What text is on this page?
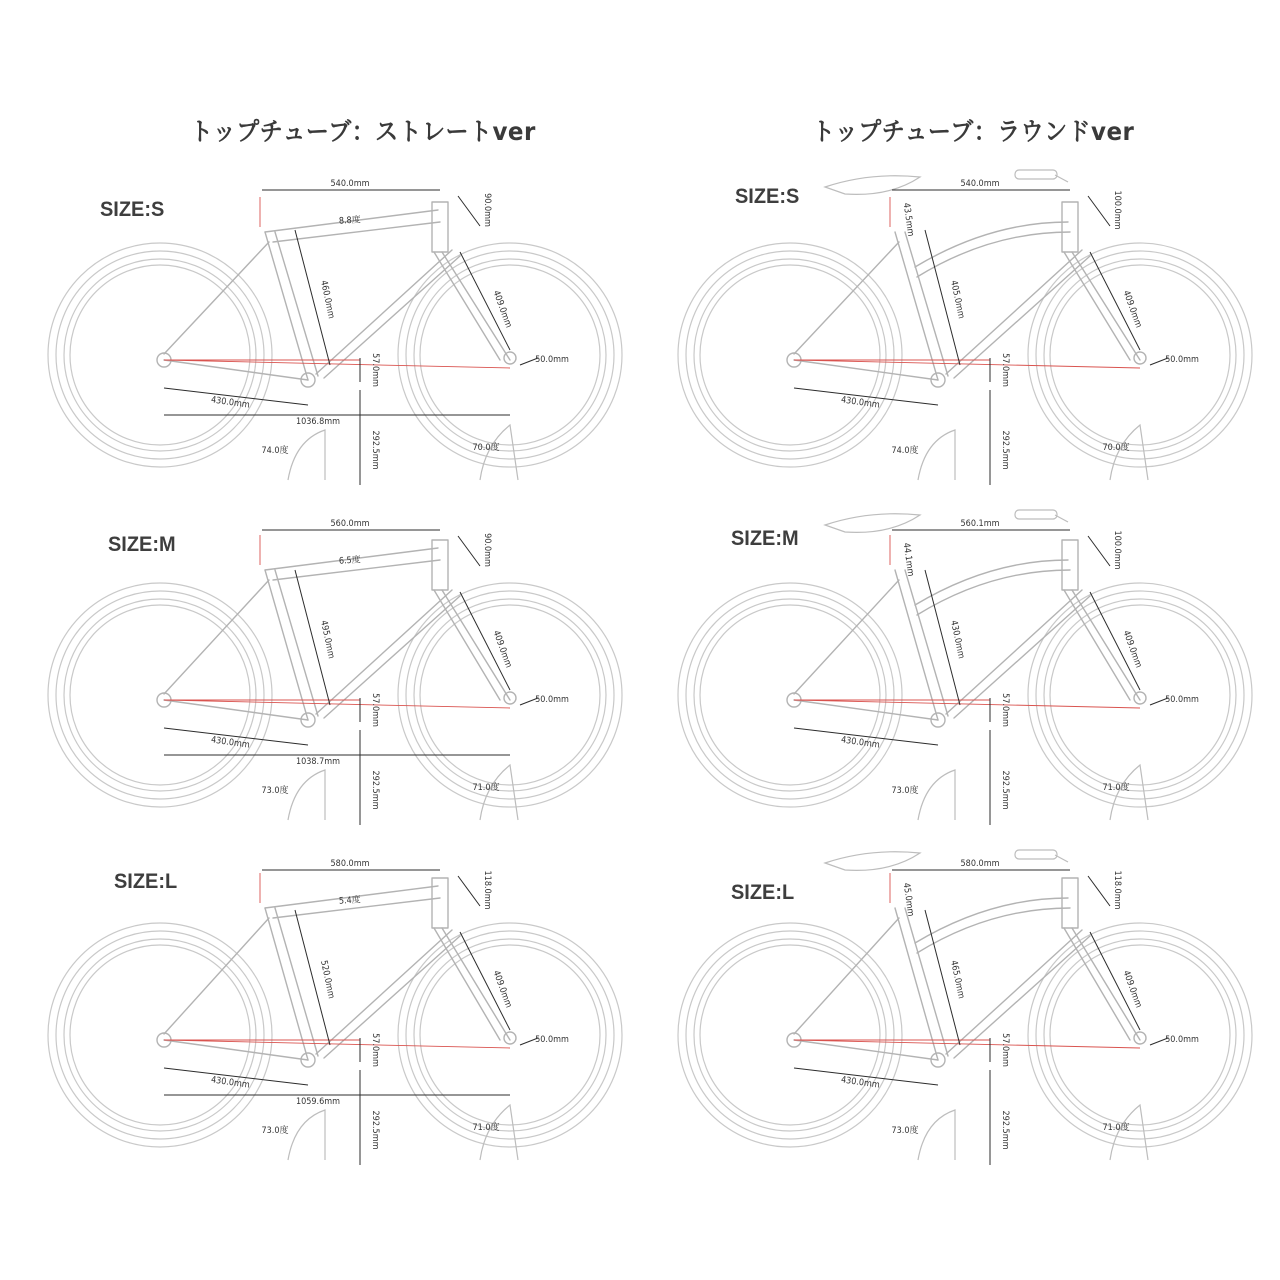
トップチューブ：ストレートver	トップチューブ：ラウンドver
SIZE:S
SIZE:M
SIZE:L
SIZE:S
SIZE:M
SIZE:L
540.0mm
460.0mm	409.0mm
90.0mm
50.0mm
57.0mm
430.0mm
292.5mm
1036.8mm
8.8度
74.0度	70.0度
560.0mm
495.0mm	409.0mm
90.0mm
50.0mm
57.0mm
430.0mm
292.5mm
1038.7mm
6.5度
73.0度	71.0度
580.0mm
520.0mm	409.0mm
118.0mm
50.0mm
57.0mm
430.0mm
292.5mm
1059.6mm
5.4度
73.0度	71.0度
540.0mm
405.0mm	409.0mm
100.0mm
50.0mm
57.0mm
430.0mm
292.5mm
43.5mm
74.0度	70.0度
560.1mm
430.0mm	409.0mm
100.0mm
50.0mm
57.0mm
430.0mm
292.5mm
44.1mm
73.0度	71.0度
580.0mm
465.0mm	409.0mm
118.0mm
50.0mm
57.0mm
430.0mm
292.5mm
45.0mm
73.0度	71.0度
